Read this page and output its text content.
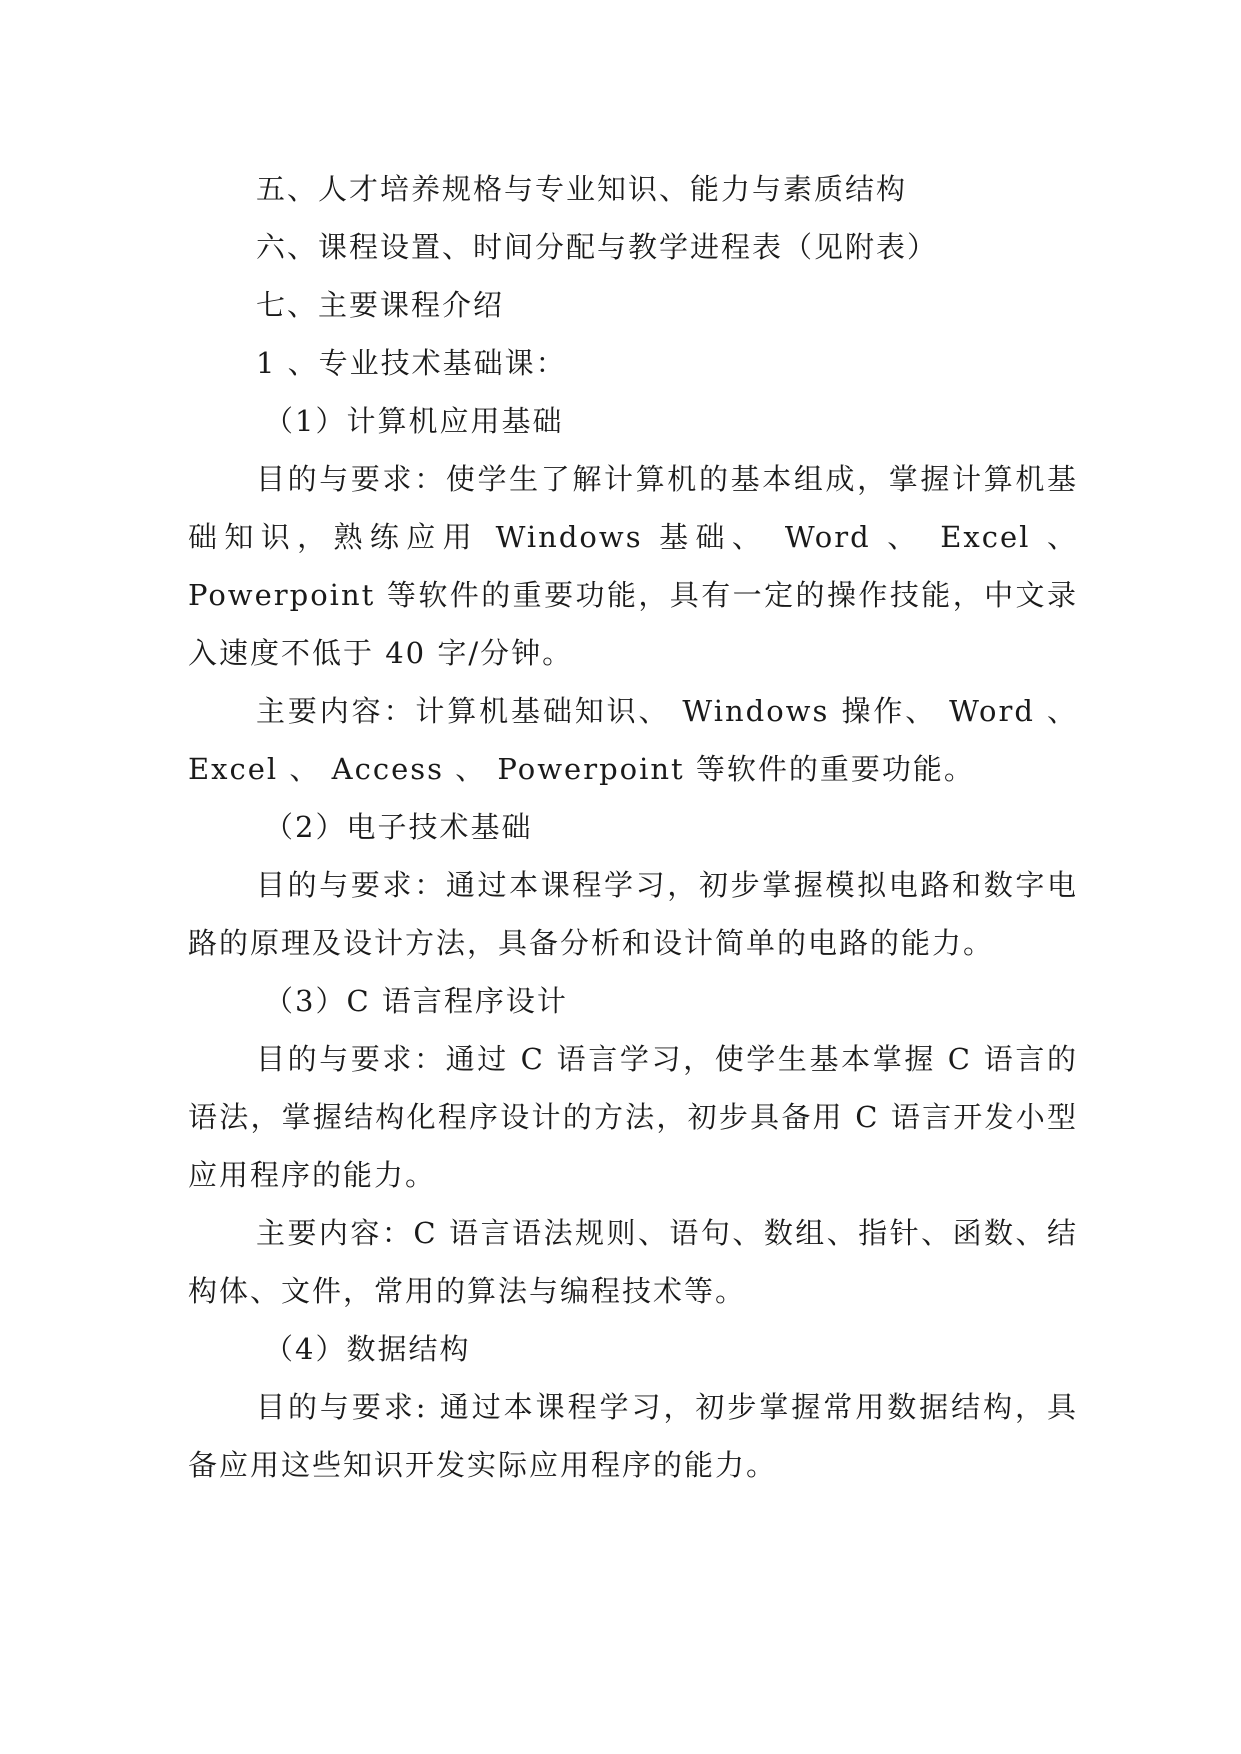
五、人才培养规格与专业知识、能力与素质结构

六、课程设置、时间分配与教学进程表（见附表）

七、主要课程介绍

1 、专业技术基础课：

（1）计算机应用基础

目的与要求：使学生了解计算机的基本组成，掌握计算机基础知识，熟练应用 Windows 基础、 Word 、 Excel 、Powerpoint 等软件的重要功能，具有一定的操作技能，中文录入速度不低于 40 字/分钟。

主要内容：计算机基础知识、 Windows 操作、 Word 、Excel 、 Access 、 Powerpoint 等软件的重要功能。

（2）电子技术基础

目的与要求：通过本课程学习，初步掌握模拟电路和数字电路的原理及设计方法，具备分析和设计简单的电路的能力。

（3）C 语言程序设计

目的与要求：通过 C 语言学习，使学生基本掌握 C 语言的语法，掌握结构化程序设计的方法，初步具备用 C 语言开发小型应用程序的能力。

主要内容：C 语言语法规则、语句、数组、指针、函数、结构体、文件，常用的算法与编程技术等。

（4）数据结构

目的与要求: 通过本课程学习，初步掌握常用数据结构，具备应用这些知识开发实际应用程序的能力。
